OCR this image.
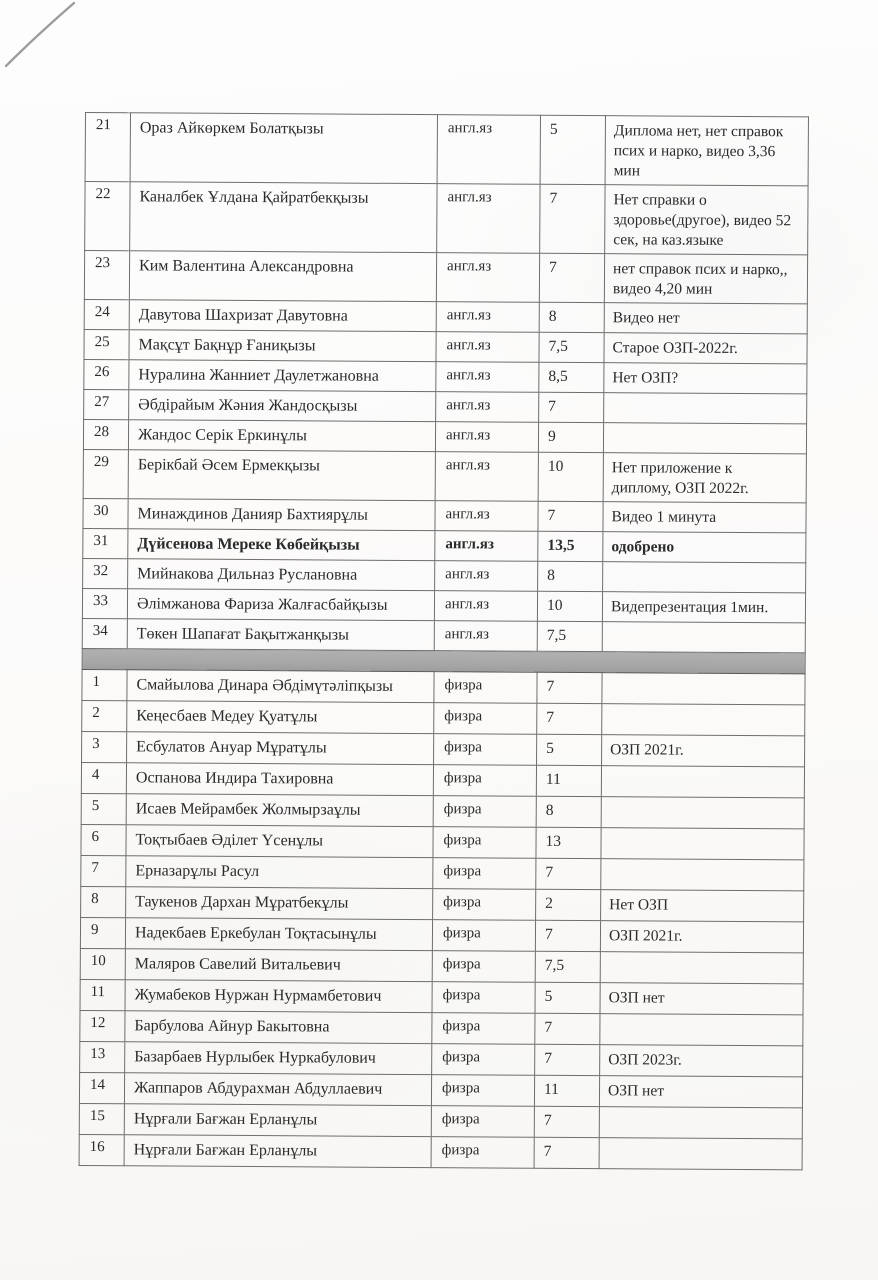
21	Ораз Айкөркем Болатқызы	англ.яз	5	Диплома нет, нет справок псих и нарко, видео 3,36 мин
22	Каналбек Ұлдана Қайратбекқызы	англ.яз	7	Нет справки о здоровье(другое), видео 52 сек, на каз.языке
23	Ким Валентина Александровна	англ.яз	7	нет справок псих и нарко,, видео 4,20 мин
24	Давутова Шахризат Давутовна	англ.яз	8	Видео нет
25	Мақсұт Бақнұр Ғаниқызы	англ.яз	7,5	Старое ОЗП-2022г.
26	Нуралина Жанниет Даулетжановна	англ.яз	8,5	Нет ОЗП?
27	Әбдірайым Жәния Жандосқызы	англ.яз	7	
28	Жандос Серік Еркинұлы	англ.яз	9	
29	Берікбай Әсем Ермекқызы	англ.яз	10	Нет приложение к диплому, ОЗП 2022г.
30	Минаждинов Данияр Бахтиярұлы	англ.яз	7	Видео 1 минута
31	Дүйсенова Мереке Көбейқызы	англ.яз	13,5	одобрено
32	Мийнакова Дильназ Руслановна	англ.яз	8	
33	Әлімжанова Фариза Жалғасбайқызы	англ.яз	10	Видепрезентация 1мин.
34	Төкен Шапағат Бақытжанқызы	англ.яз	7,5	

1	Смайылова Динара Әбдімүтәліпқызы	физра	7	
2	Кеңесбаев Медеу Қуатұлы	физра	7	
3	Есбулатов Ануар Мұратұлы	физра	5	ОЗП 2021г.
4	Оспанова Индира Тахировна	физра	11	
5	Исаев Мейрамбек Жолмырзаұлы	физра	8	
6	Тоқтыбаев Әділет Үсенұлы	физра	13	
7	Ерназарұлы Расул	физра	7	
8	Таукенов Дархан Мұратбекұлы	физра	2	Нет ОЗП
9	Надекбаев Еркебулан Тоқтасынұлы	физра	7	ОЗП 2021г.
10	Маляров Савелий Витальевич	физра	7,5	
11	Жумабеков Нуржан Нурмамбетович	физра	5	ОЗП нет
12	Барбулова Айнур Бакытовна	физра	7	
13	Базарбаев Нурлыбек Нуркабулович	физра	7	ОЗП 2023г.
14	Жаппаров Абдурахман Абдуллаевич	физра	11	ОЗП нет
15	Нұрғали Бағжан Ерланұлы	физра	7	
16	Нұрғали Бағжан Ерланұлы	физра	7	
